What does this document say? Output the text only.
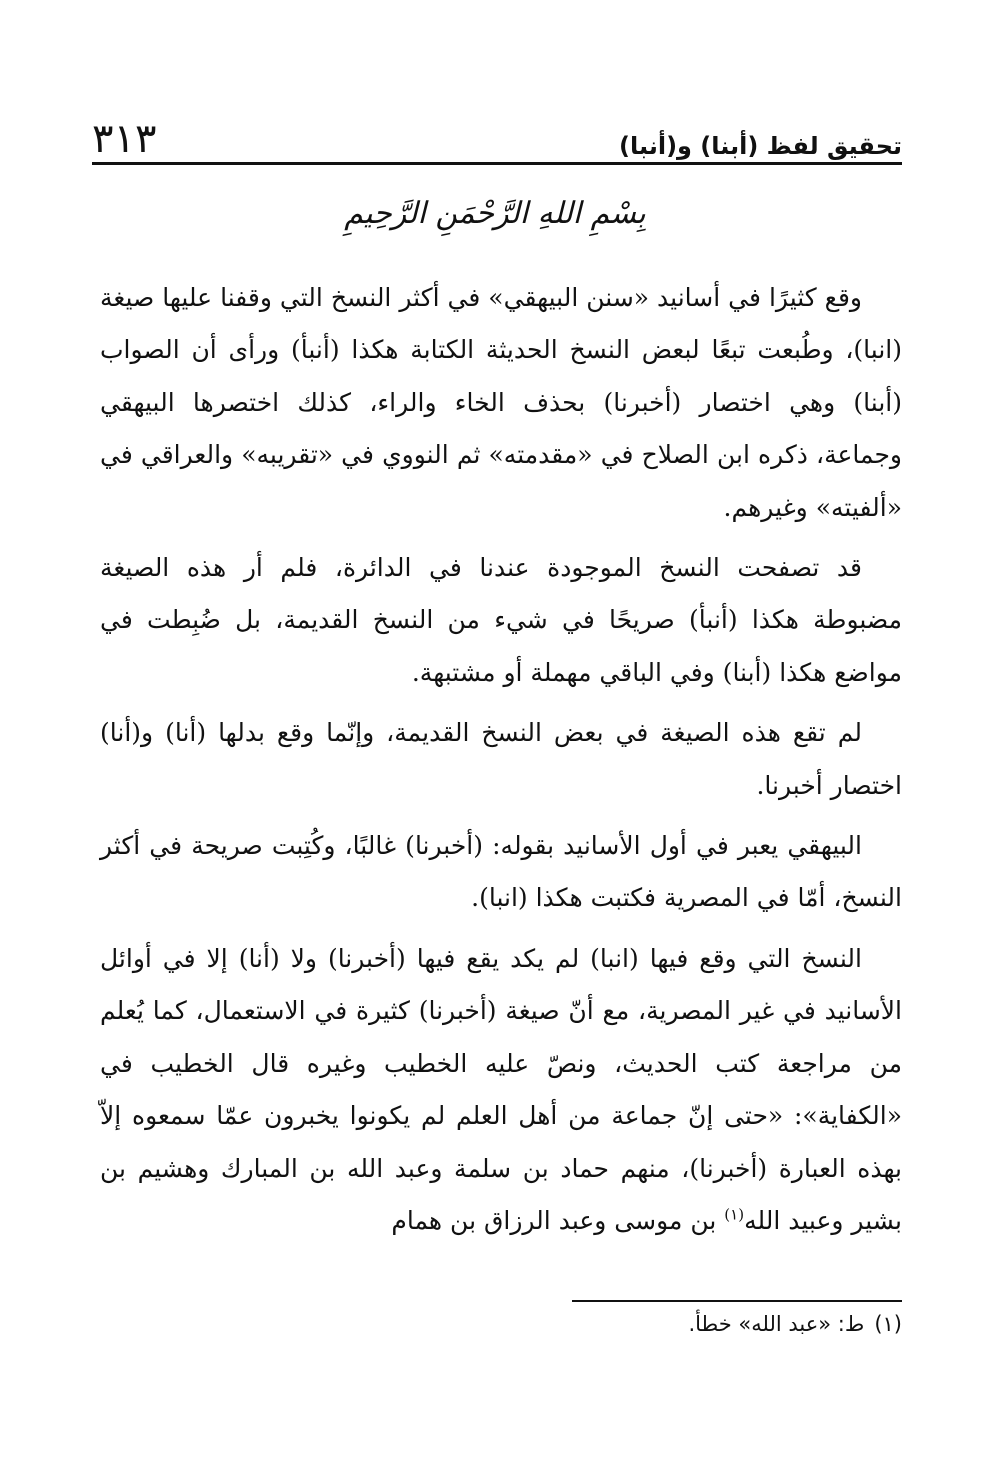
تحقيق لفظ (أبنا) و(أنبا)
٣١٣
بِسْمِ اللهِ الرَّحْمَنِ الرَّحِيمِ

وقع كثيرًا في أسانيد «سنن البيهقي» في أكثر النسخ التي وقفنا عليها صيغة (انبا)، وطُبعت تبعًا لبعض النسخ الحديثة الكتابة هكذا (أنبأ) ورأى أن الصواب (أبنا) وهي اختصار (أخبرنا) بحذف الخاء والراء، كذلك اختصرها البيهقي وجماعة، ذكره ابن الصلاح في «مقدمته» ثم النووي في «تقريبه» والعراقي في «ألفيته» وغيرهم.

قد تصفحت النسخ الموجودة عندنا في الدائرة، فلم أر هذه الصيغة مضبوطة هكذا (أنبأ) صريحًا في شيء من النسخ القديمة، بل ضُبِطت في مواضع هكذا (أبنا) وفي الباقي مهملة أو مشتبهة.

لم تقع هذه الصيغة في بعض النسخ القديمة، وإنّما وقع بدلها (أنا) و(أنا) اختصار أخبرنا.

البيهقي يعبر في أول الأسانيد بقوله: (أخبرنا) غالبًا، وكُتِبت صريحة في أكثر النسخ، أمّا في المصرية فكتبت هكذا (انبا).

النسخ التي وقع فيها (انبا) لم يكد يقع فيها (أخبرنا) ولا (أنا) إلا في أوائل الأسانيد في غير المصرية، مع أنّ صيغة (أخبرنا) كثيرة في الاستعمال، كما يُعلم من مراجعة كتب الحديث، ونصّ عليه الخطيب وغيره قال الخطيب في «الكفاية»: «حتى إنّ جماعة من أهل العلم لم يكونوا يخبرون عمّا سمعوه إلاّ بهذه العبارة (أخبرنا)، منهم حماد بن سلمة وعبد الله بن المبارك وهشيم بن بشير وعبيد الله$^{(١)}$ بن موسى وعبد الرزاق بن همام

(١)ط: «عبد الله» خطأ.
